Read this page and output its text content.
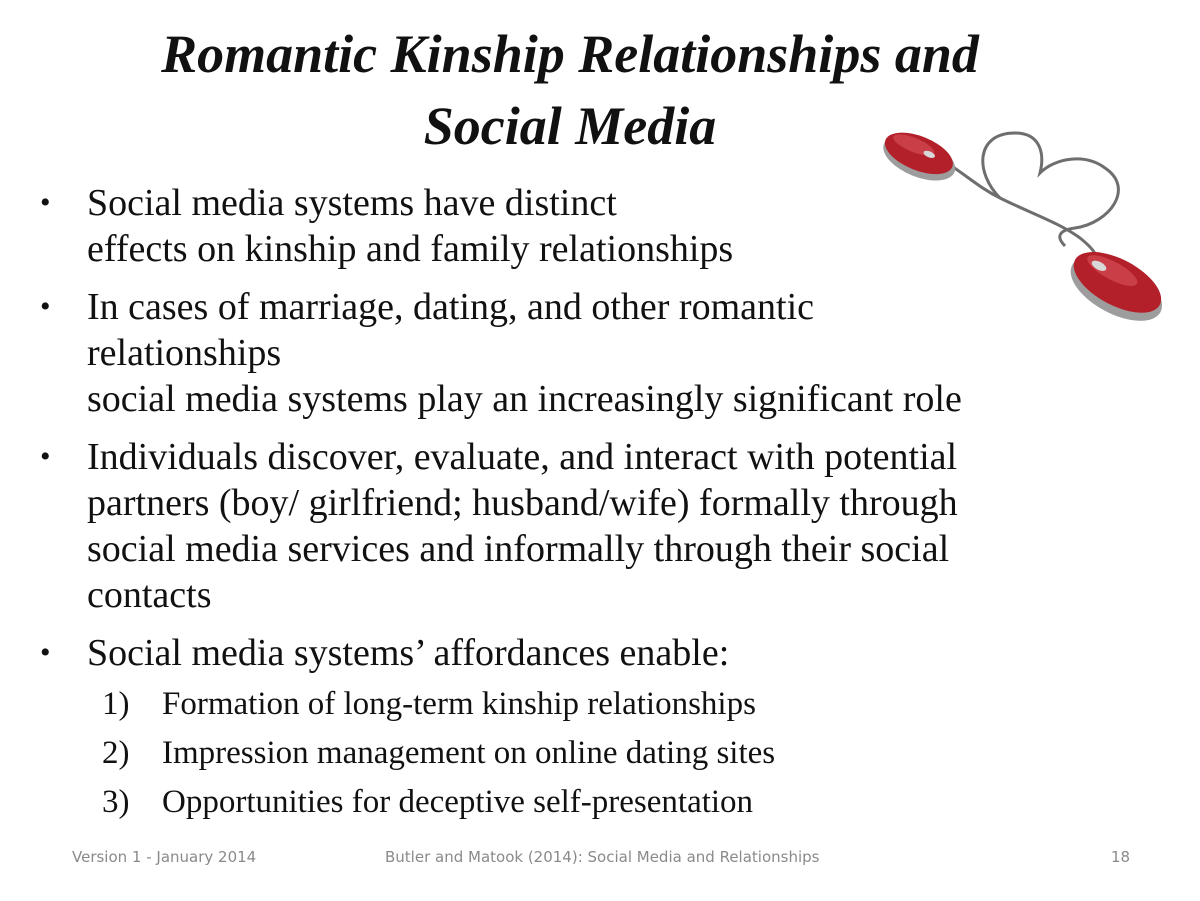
Romantic Kinship Relationships and
Social Media
• Social media systems have distinct
effects on kinship and family relationships
• In cases of marriage, dating, and other romantic
relationships
social media systems play an increasingly significant role
• Individuals discover, evaluate, and interact with potential
partners (boy/ girlfriend; husband/wife) formally through
social media services and informally through their social
contacts
• Social media systems’ affordances enable:
1) Formation of long-term kinship relationships
2) Impression management on online dating sites
3) Opportunities for deceptive self-presentation
Version 1 - January 2014	Butler and Matook (2014): Social Media and Relationships	18
